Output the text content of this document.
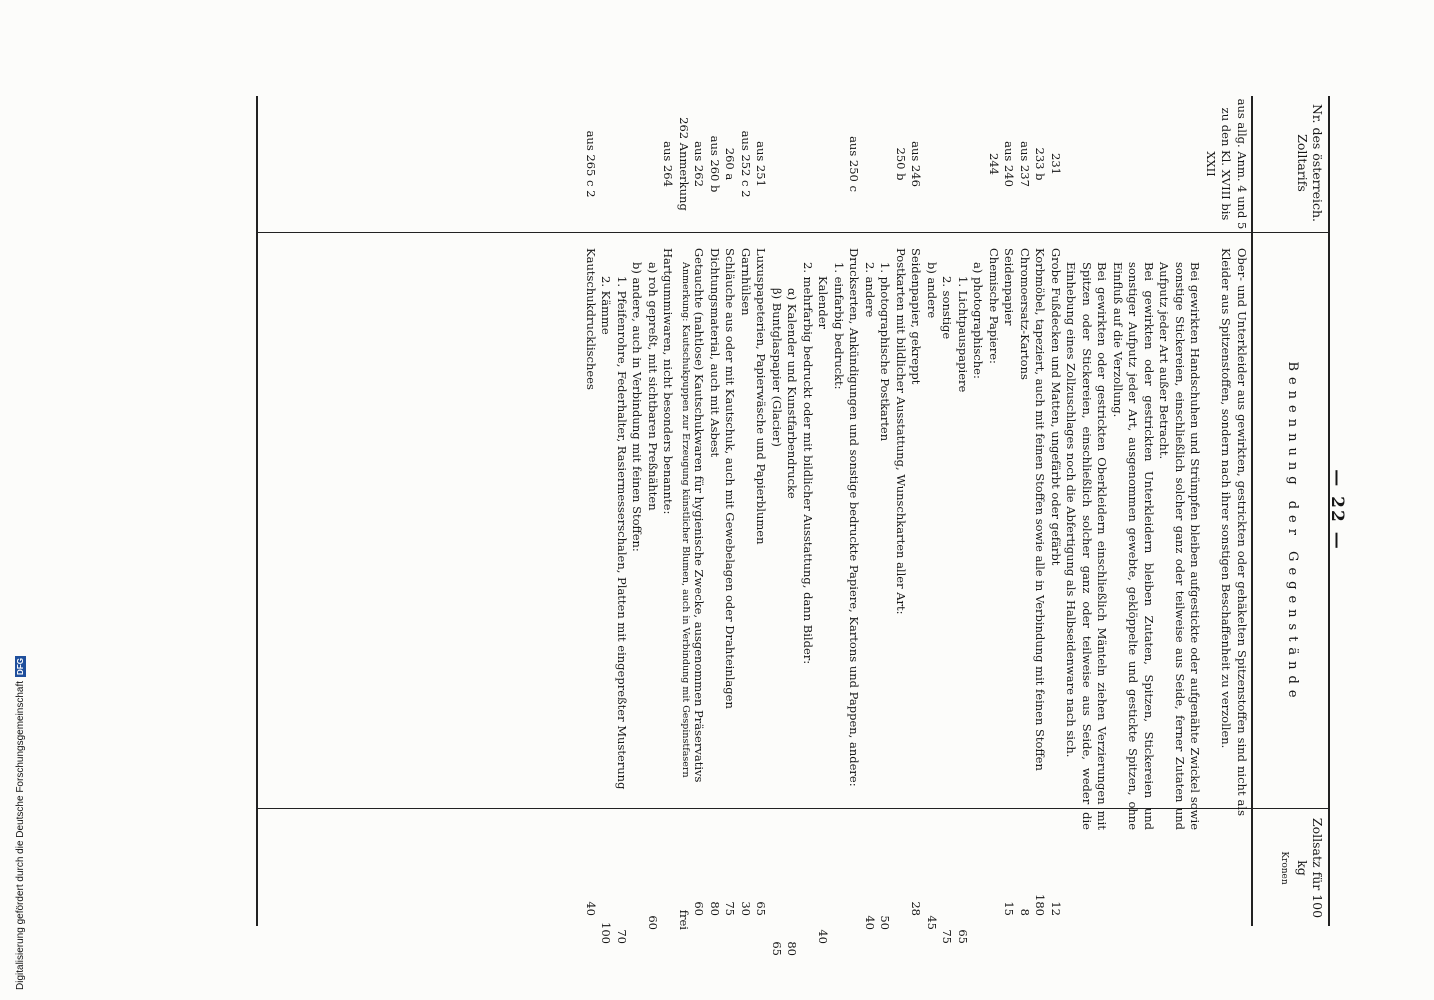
— 22 —
Nr. des österreich. Zolltarifs
Benennung der Gegenstände
Zollsatz für 100 kg
Kronen
aus allg. Anm. 4 und 5 zu den Kl. XVIII bis XXII
Ober- und Unterkleider aus gewirkten, gestrickten oder gehäkelten Spitzenstoffen sind nicht als Kleider aus Spitzenstoffen, sondern nach ihrer sonstigen Beschaffenheit zu verzollen.
Bei gewirkten Handschuhen und Strümpfen bleiben aufgestickte oder aufgenähte Zwickel sowie sonstige Stickereien, einschließlich solcher ganz oder teilweise aus Seide, ferner Zutaten und Aufputz jeder Art außer Betracht.
Bei gewirkten oder gestrickten Unterkleidern bleiben Zutaten, Spitzen, Stickereien und sonstiger Aufputz jeder Art, ausgenommen gewebte, geklöppelte und gestickte Spitzen, ohne Einfluß auf die Verzollung.
Bei gewirkten oder gestrickten Oberkleidern einschließlich Mänteln ziehen Verzierungen mit Spitzen oder Stickereien, einschließlich solcher ganz oder teilweise aus Seide, weder die Einhebung eines Zollzuschlages noch die Abfertigung als Halbseidenware nach sich.
231
Grobe Fußdecken und Matten, ungefärbt oder gefärbt
12
233 b
Korbmöbel, tapeziert, auch mit feinen Stoffen sowie alle in Verbindung mit feinen Stoffen
180
aus 237
Chromoersatz-Kartons
8
aus 240
Seidenpapier
15
244
Chemische Papiere:
a) photographische:
1. Lichtpauspapiere
65
2. sonstige
75
b) andere
45
aus 246
Seidenpapier, gekreppt
28
250 b
Postkarten mit bildlicher Ausstattung, Wunschkarten aller Art:
1. photographische Postkarten
50
2. andere
40
aus 250 c
Druckserten, Ankündigungen und sonstige bedruckte Papiere, Kartons und Pappen, andere:
1. einfarbig bedruckt:
Kalender
40
2. mehrfarbig bedruckt oder mit bildlicher Ausstattung, dann Bilder:
α) Kalender und Kunstfarbendrucke
80
β) Buntglaspapier (Glacier)
65
aus 251
Luxuspapeterien, Papierwäsche und Papierblumen
65
aus 252 c 2
Garnhülsen
30
260 a
Schläuche aus oder mit Kautschuk, auch mit Gewebelagen oder Drahteinlagen
75
aus 260 b
Dichtungsmaterial, auch mit Asbest
80
aus 262
Getauchte (nahtlose) Kautschukwaren für hygienische Zwecke, ausgenommen Präservativs
60
262 Anmerkung
Anmerkung: Kautschukpuppen zur Erzeugung künstlicher Blumen, auch in Verbindung mit Gespinstfasern
frei
aus 264
Hartgummiwaren, nicht besonders benannte:
a) roh gepreßt, mit sichtbaren Preßnähten
60
b) andere, auch in Verbindung mit feinen Stoffen:
1. Pfeifenrohre, Federhalter, Rasiermesserschalen, Platten mit eingepreßter Musterung
70
2. Kämme
100
aus 265 c 2
Kautschukdrucklischees
40
Digitalisierung gefördert durch die Deutsche ForschungsgemeinschaftDFG
